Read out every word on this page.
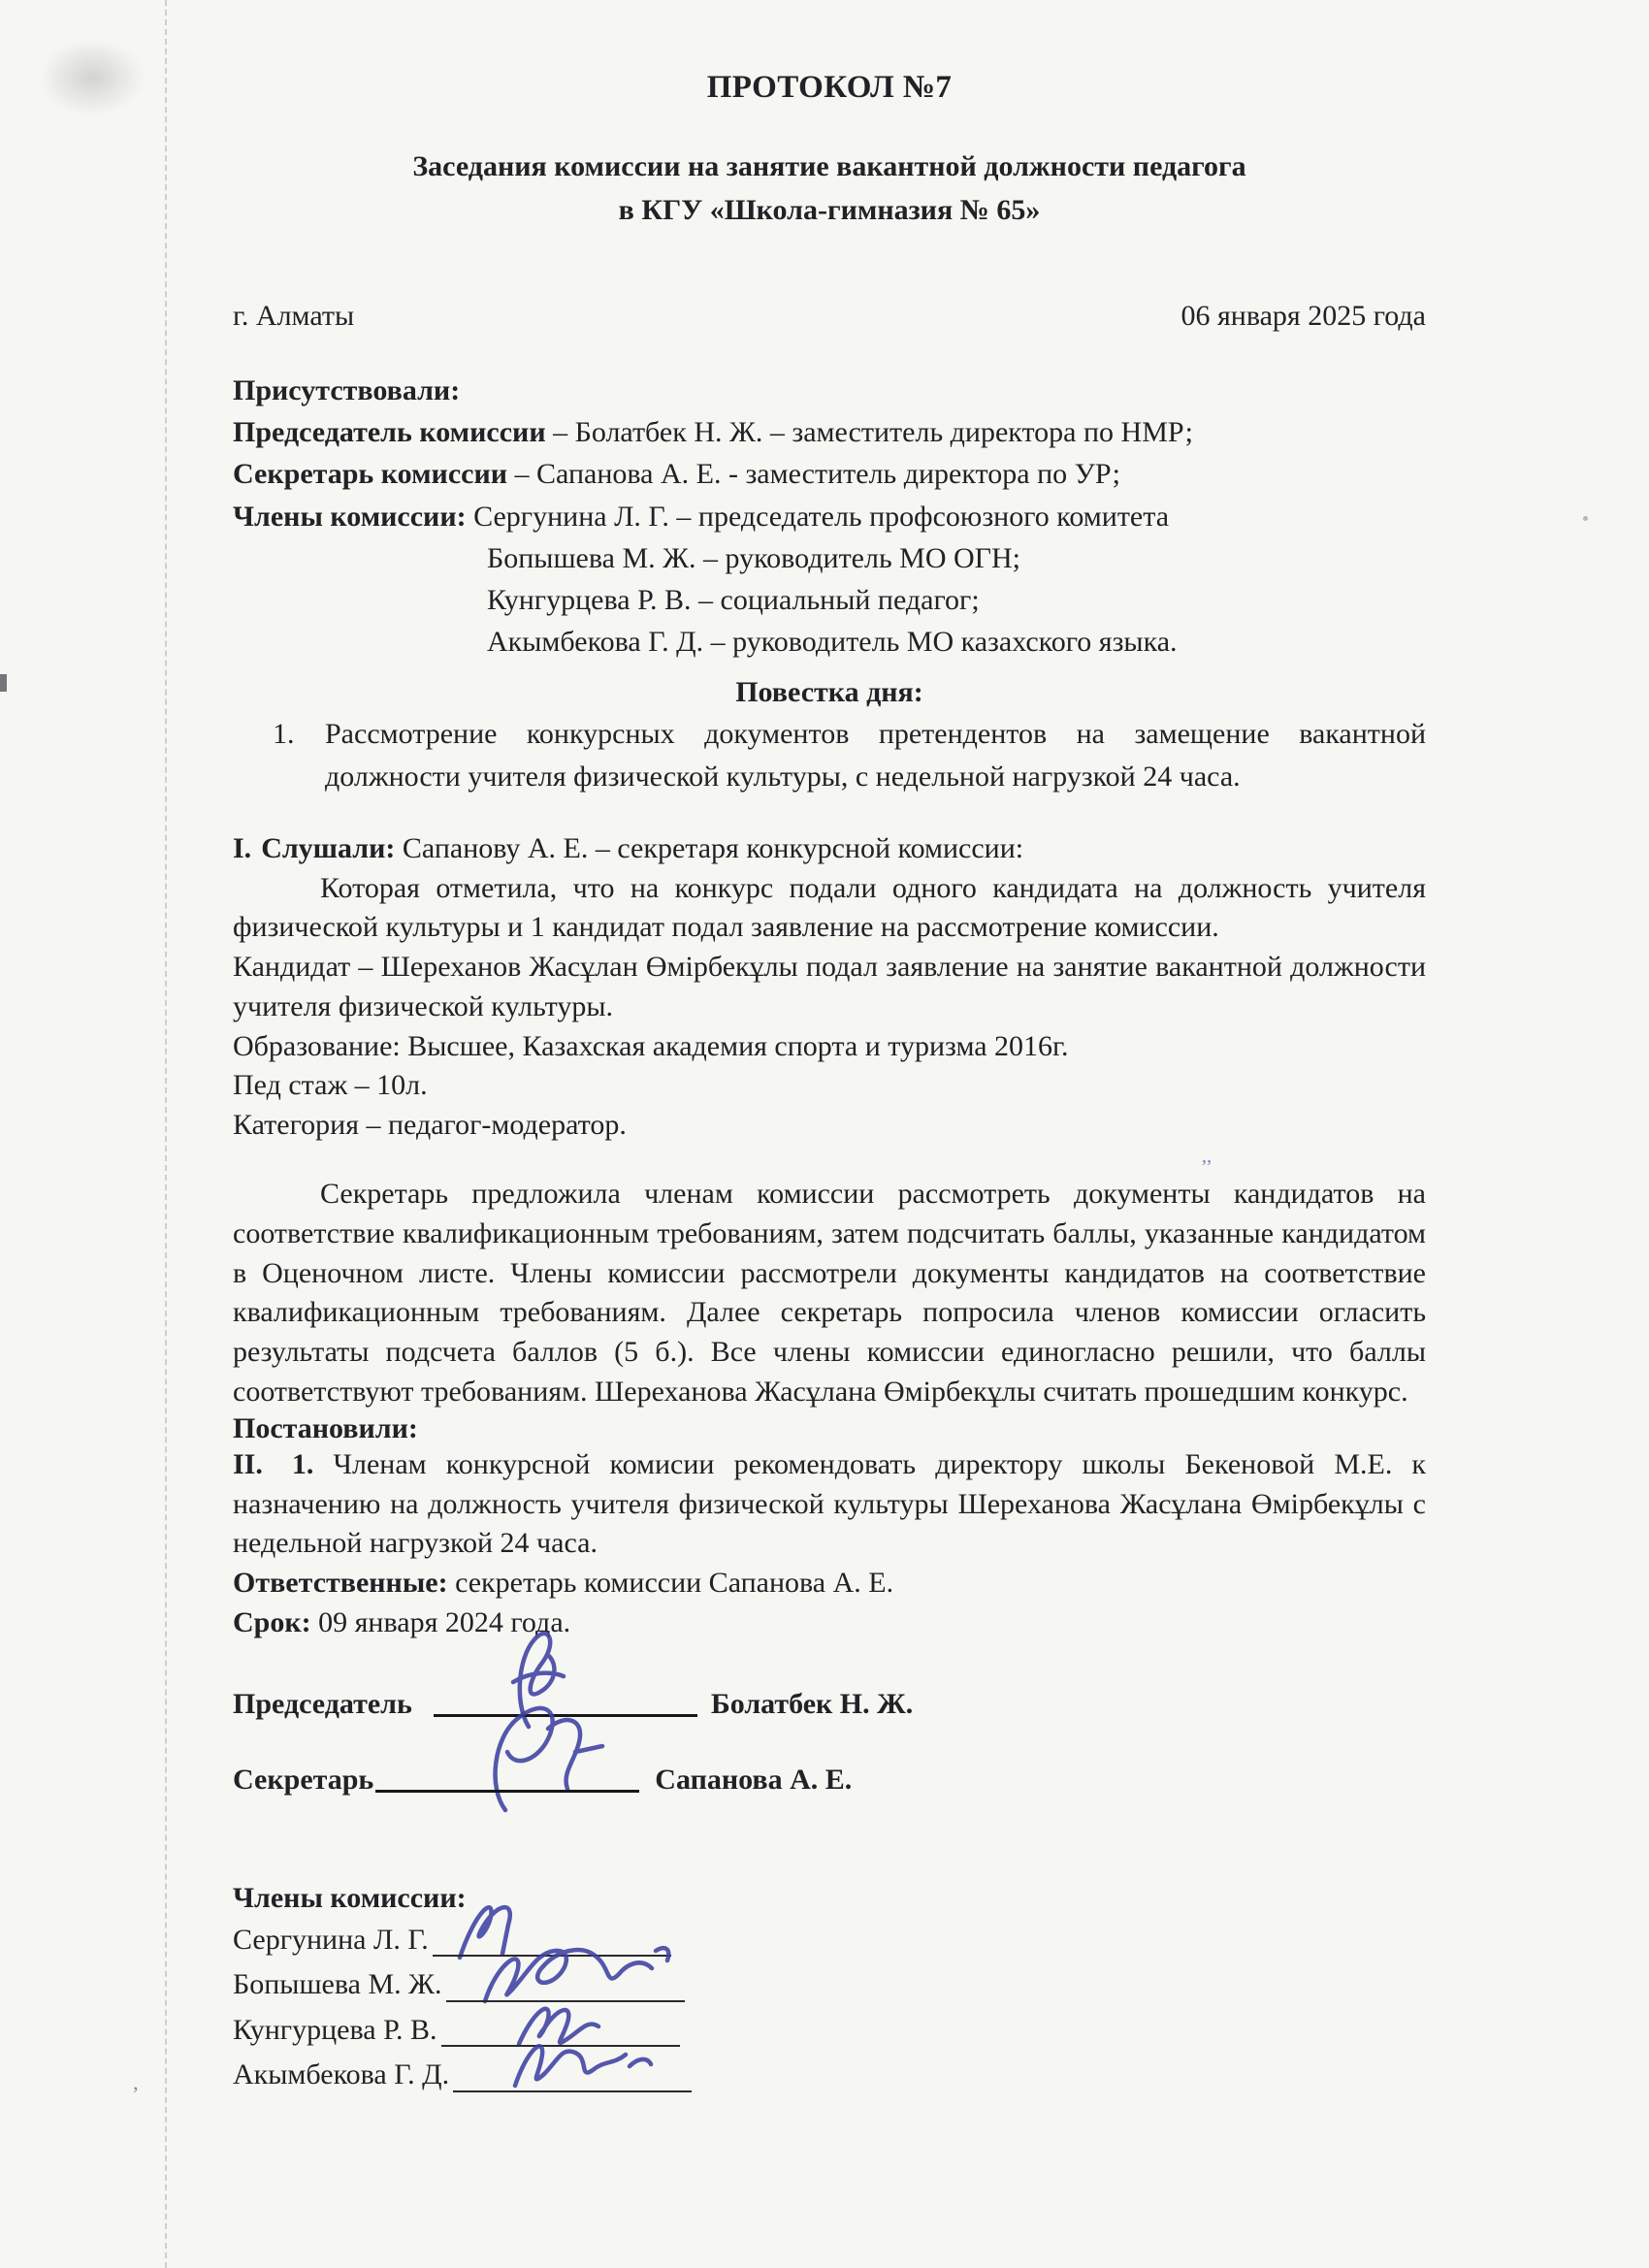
’’
’
ПРОТОКОЛ №7
Заседания комиссии на занятие вакантной должности педагога
в КГУ «Школа-гимназия № 65»
г. Алматы	06 января 2025 года
Присутствовали:
Председатель комиссии – Болатбек Н. Ж. – заместитель директора по НМР;
Секретарь комиссии – Сапанова А. Е. - заместитель директора по УР;
Члены комиссии: Сергунина Л. Г. – председатель профсоюзного комитета
Бопышева М. Ж. – руководитель МО ОГН;
Кунгурцева Р. В. – социальный педагог;
Акымбекова Г. Д. – руководитель МО казахского языка.
Повестка дня:
1.	Рассмотрение конкурсных документов претендентов на замещение вакантной должности учителя физической культуры, с недельной нагрузкой 24 часа.
I. Слушали: Сапанову А. Е. – секретаря конкурсной комиссии:

Которая отметила, что на конкурс подали одного кандидата на должность учителя физической культуры и 1 кандидат подал заявление на рассмотрение комиссии.

Кандидат – Шереханов Жасұлан Өмірбекұлы подал заявление на занятие вакантной должности учителя физической культуры.

Образование: Высшее, Казахская академия спорта и туризма 2016г.

Пед стаж – 10л.

Категория – педагог-модератор.

Секретарь предложила членам комиссии рассмотреть документы кандидатов на соответствие квалификационным требованиям, затем подсчитать баллы, указанные кандидатом в Оценочном листе. Члены комиссии рассмотрели документы кандидатов на соответствие квалификационным требованиям. Далее секретарь попросила членов комиссии огласить результаты подсчета баллов (5 б.). Все члены комиссии единогласно решили, что баллы соответствуют требованиям. Шереханова Жасұлана Өмірбекұлы считать прошедшим конкурс.

Постановили:

II. 1. Членам конкурсной комисии рекомендовать директору школы Бекеновой М.Е. к назначению на должность учителя физической культуры Шереханова Жасұлана Өмірбекұлы с недельной нагрузкой 24 часа.

Ответственные: секретарь комиссии Сапанова А. Е.
Срок: 09 января 2024 года.
Председатель	Болатбек Н. Ж.
Секретарь	Сапанова А. Е.
Члены комиссии:
Сергунина Л. Г.
Бопышева М. Ж.
Кунгурцева Р. В.
Акымбекова Г. Д.
